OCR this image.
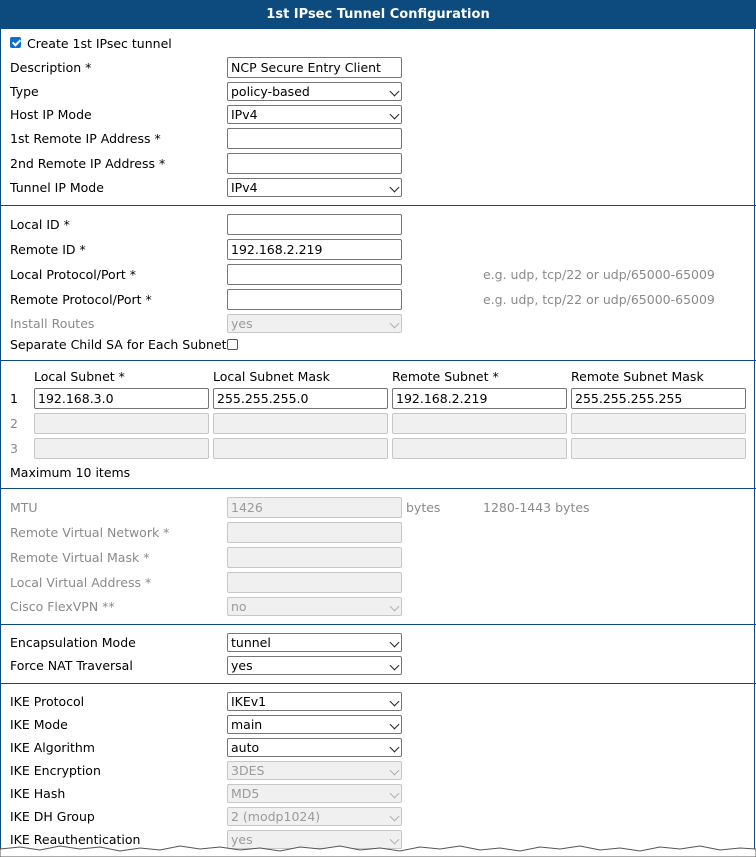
1st IPsec Tunnel Configuration
Create 1st IPsec tunnel
Description *	NCP Secure Entry Client
Type	policy-based
Host IP Mode	IPv4
1st Remote IP Address *
2nd Remote IP Address *
Tunnel IP Mode	IPv4
Local ID *
Remote ID *	192.168.2.219
Local Protocol/Port *	e.g. udp, tcp/22 or udp/65000-65009
Remote Protocol/Port *	e.g. udp, tcp/22 or udp/65000-65009
Install Routes	yes
Separate Child SA for Each Subnet
Local Subnet *	Local Subnet Mask	Remote Subnet *	Remote Subnet Mask
1	192.168.3.0	255.255.255.0	192.168.2.219	255.255.255.255
2
3
Maximum 10 items
MTU	1426	bytes	1280-1443 bytes
Remote Virtual Network *
Remote Virtual Mask *
Local Virtual Address *
Cisco FlexVPN **	no
Encapsulation Mode	tunnel
Force NAT Traversal	yes
IKE Protocol	IKEv1
IKE Mode	main
IKE Algorithm	auto
IKE Encryption	3DES
IKE Hash	MD5
IKE DH Group	2 (modp1024)
IKE Reauthentication	yes
